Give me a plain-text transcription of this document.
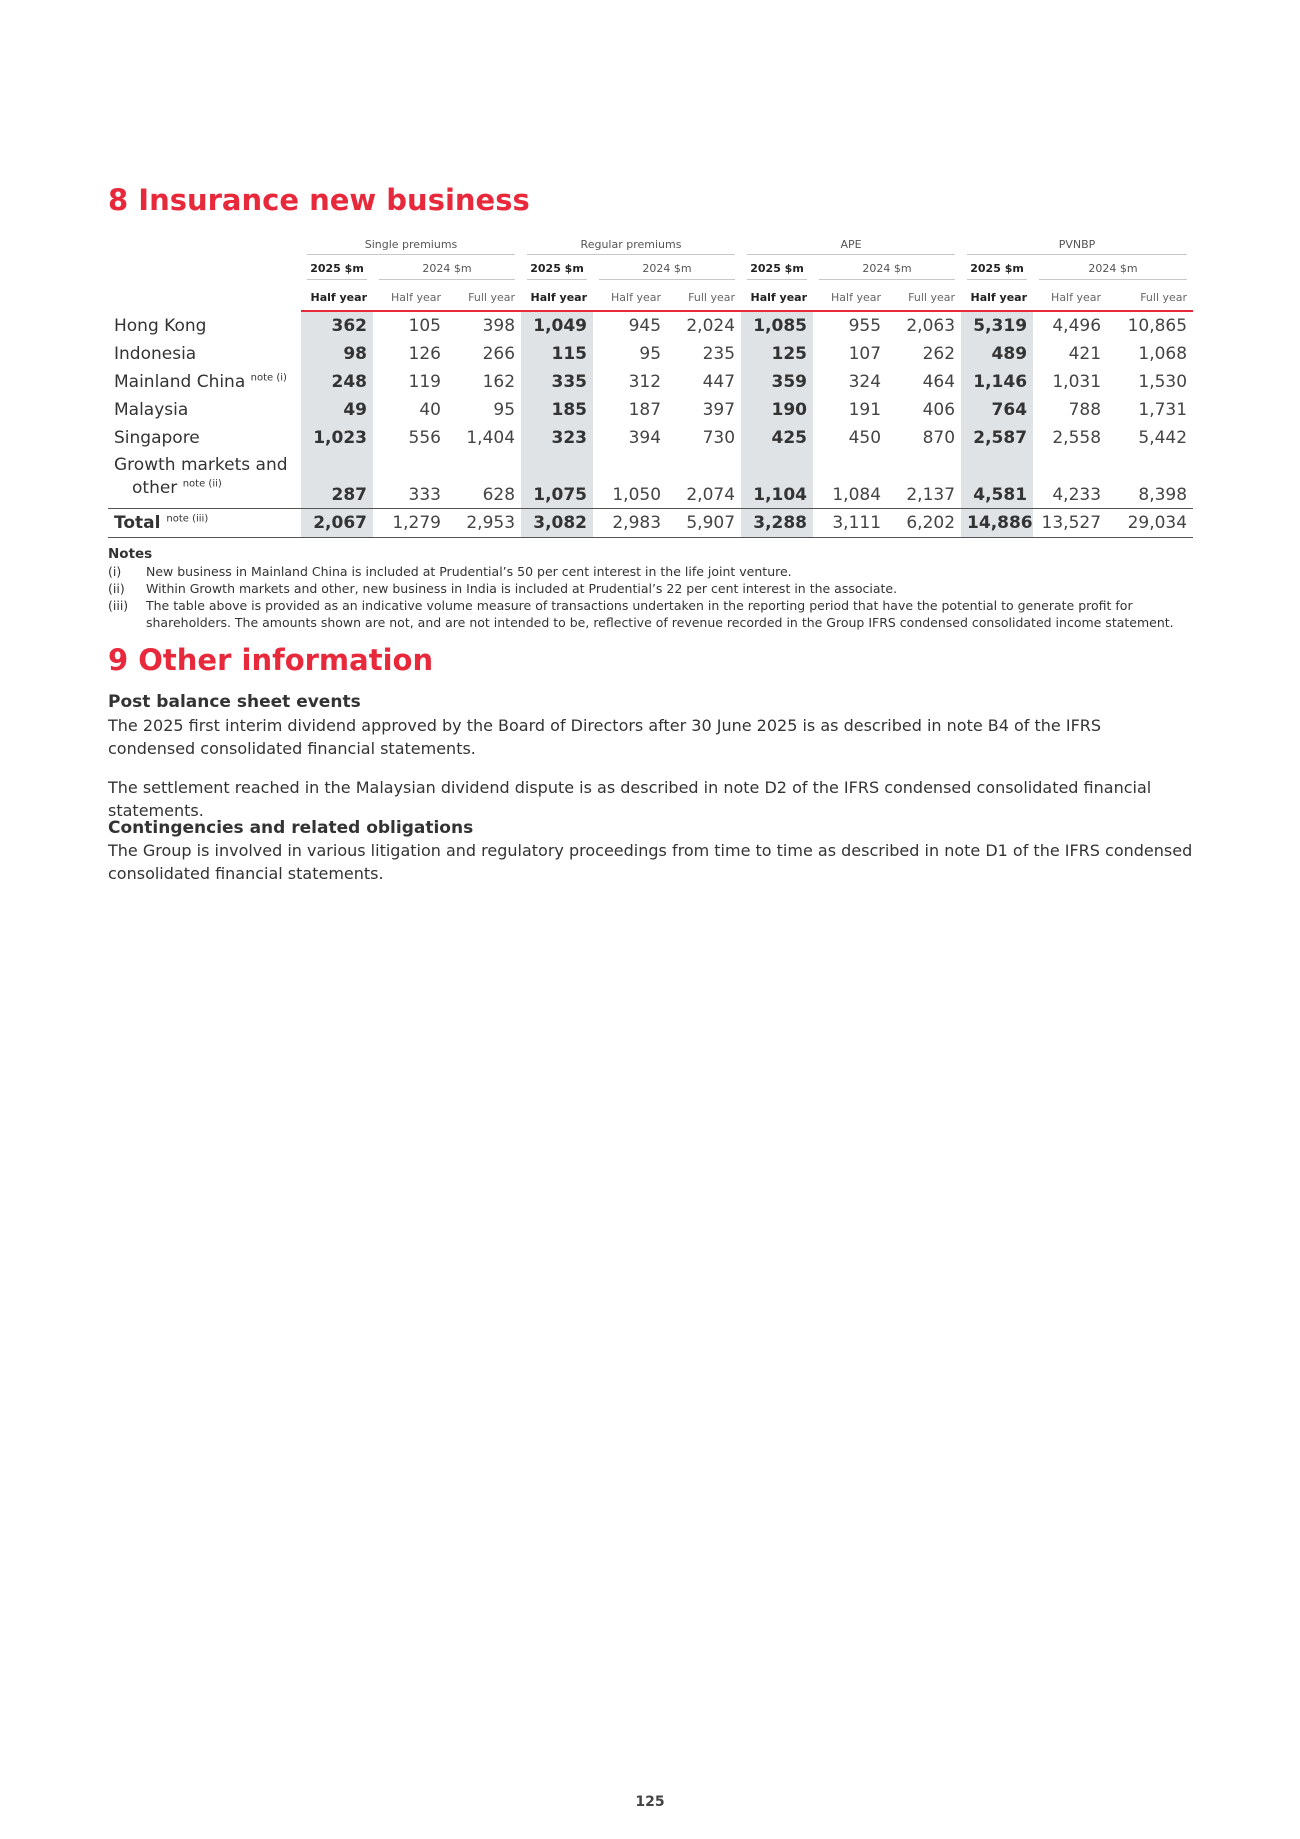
8 Insurance new business

	Single premiums			Regular premiums			APE			PVNBP		

	2025 $m	2024 $m		2025 $m	2024 $m		2025 $m	2024 $m		2025 $m	2024 $m	

	Half year	Half year	Full year	Half year	Half year	Full year	Half year	Half year	Full year	Half year	Half year	Full year
Hong Kong	362	105	398	1,049	945	2,024	1,085	955	2,063	5,319	4,496	10,865
Indonesia	98	126	266	115	95	235	125	107	262	489	421	1,068
Mainland China $^{note (i)}$	248	119	162	335	312	447	359	324	464	1,146	1,031	1,530
Malaysia	49	40	95	185	187	397	190	191	406	764	788	1,731
Singapore	1,023	556	1,404	323	394	730	425	450	870	2,587	2,558	5,442
Growth markets and
other $^{note (ii)}$	287	333	628	1,075	1,050	2,074	1,104	1,084	2,137	4,581	4,233	8,398
Total $^{note (iii)}$	2,067	1,279	2,953	3,082	2,983	5,907	3,288	3,111	6,202	14,886	13,527	29,034
Notes
(i)	New business in Mainland China is included at Prudential’s 50 per cent interest in the life joint venture.
(ii)	Within Growth markets and other, new business in India is included at Prudential’s 22 per cent interest in the associate.
(iii)	The table above is provided as an indicative volume measure of transactions undertaken in the reporting period that have the potential to generate profit for shareholders. The amounts shown are not, and are not intended to be, reflective of revenue recorded in the Group IFRS condensed consolidated income statement.
9 Other information
Post balance sheet events

The 2025 first interim dividend approved by the Board of Directors after 30 June 2025 is as described in note B4 of the IFRS condensed consolidated financial statements.

The settlement reached in the Malaysian dividend dispute is as described in note D2 of the IFRS condensed consolidated financial statements.

Contingencies and related obligations

The Group is involved in various litigation and regulatory proceedings from time to time as described in note D1 of the IFRS condensed consolidated financial statements.

125
